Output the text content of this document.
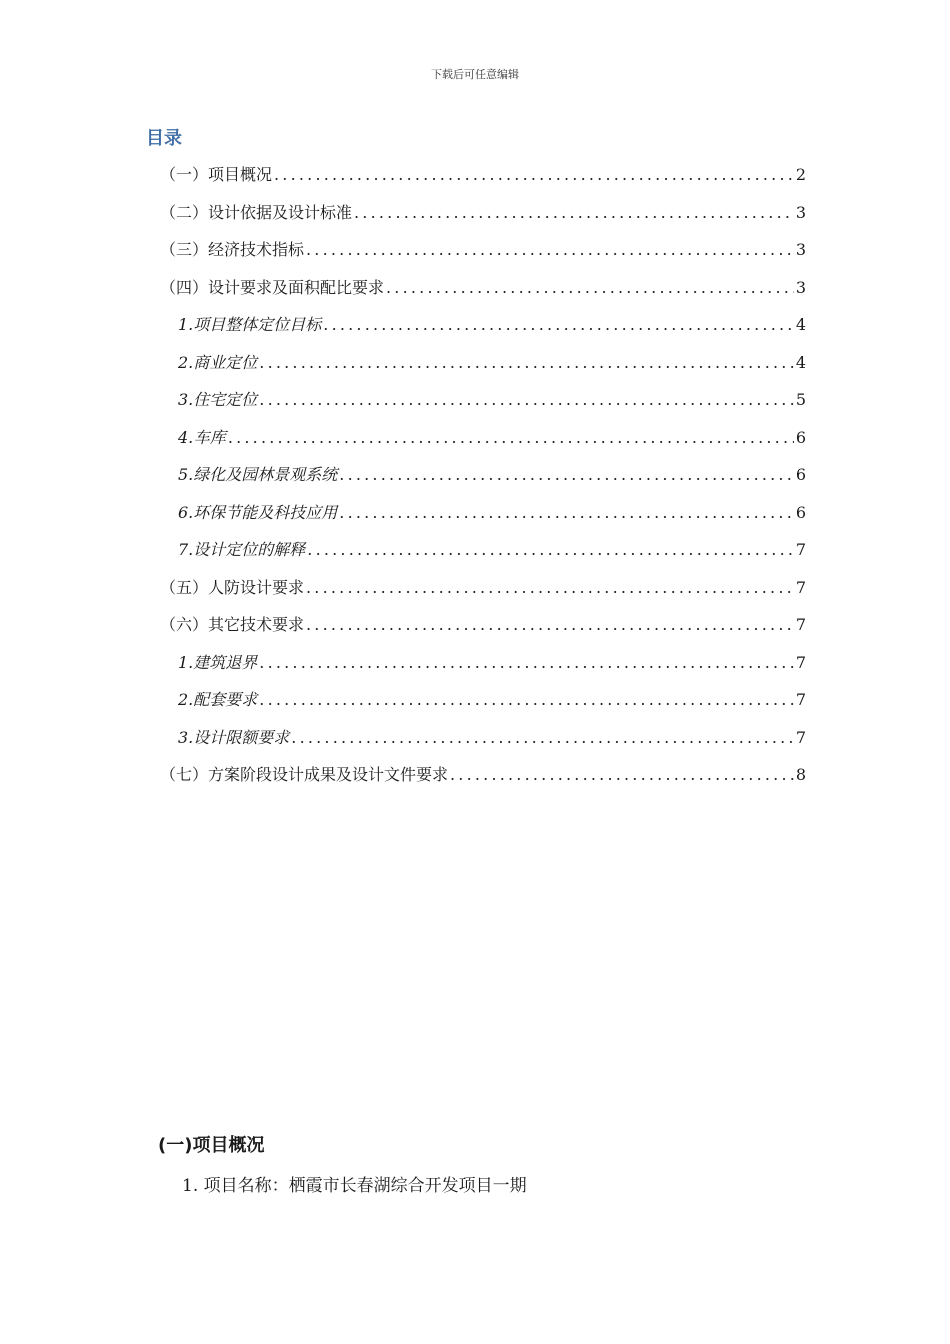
下载后可任意编辑
目录
（一） 项目概况 .....	2
（二） 设计依据及设计标准 .....	3
（三） 经济技术指标 .....	3
（四） 设计要求及面积配比要求 .....	3
1. 项目整体定位目标 .....	4
2. 商业定位 .....	4
3. 住宅定位 .....	5
4. 车库 .....	6
5. 绿化及园林景观系统 .....	6
6. 环保节能及科技应用 .....	6
7. 设计定位的解释 .....	7
（五） 人防设计要求 .....	7
（六） 其它技术要求 .....	7
1. 建筑退界 .....	7
2. 配套要求 .....	7
3. 设计限额要求 .....	7
（七） 方案阶段设计成果及设计文件要求 .....	8
(一)项目概况
1. 项目名称：栖霞市长春湖综合开发项目一期
